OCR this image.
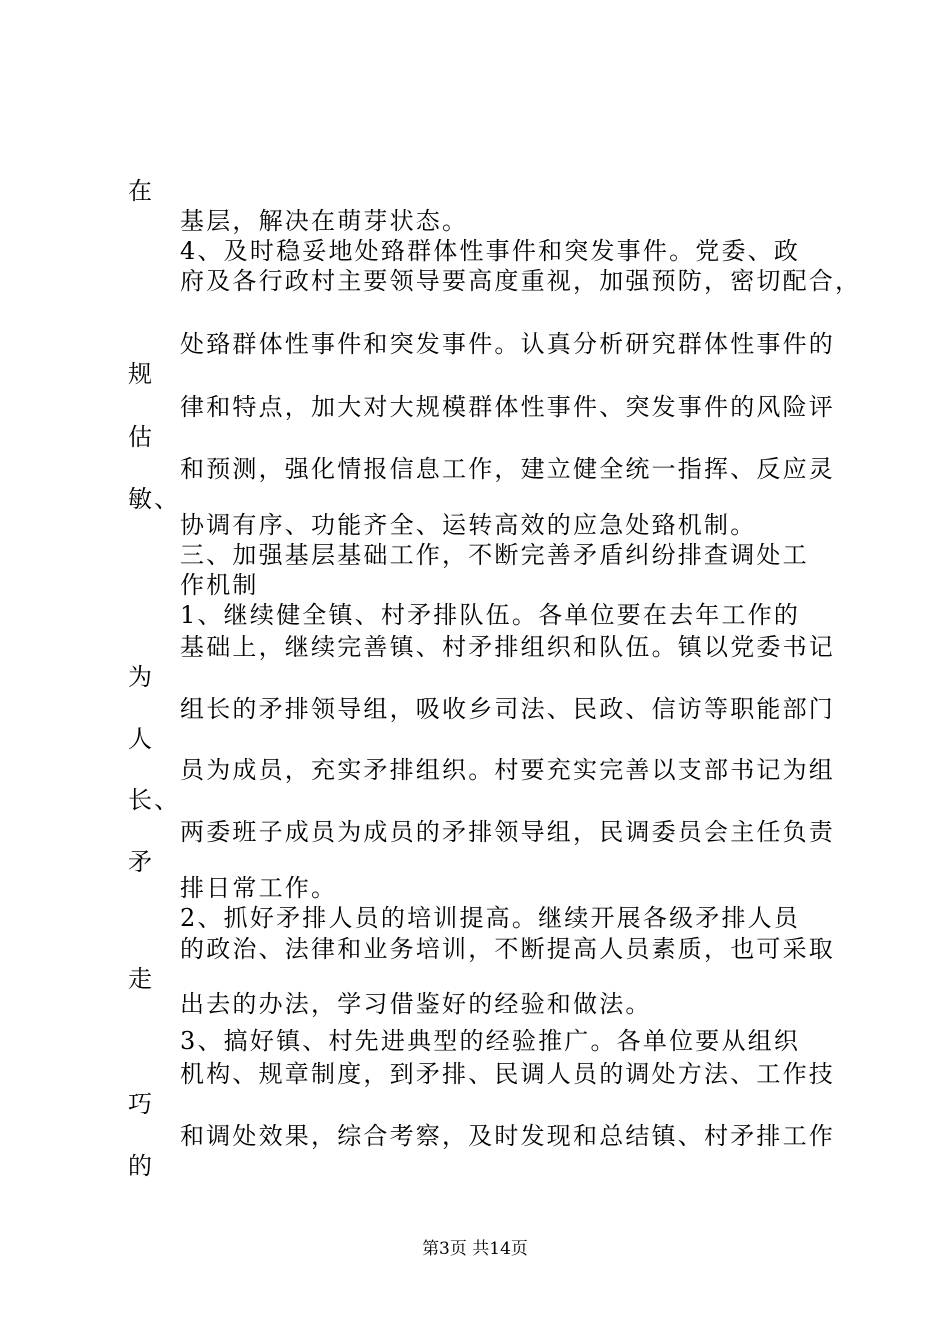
在
基层，解决在萌芽状态。
4、及时稳妥地处臵群体性事件和突发事件。党委、政
府及各行政村主要领导要高度重视，加强预防，密切配合，
处臵群体性事件和突发事件。认真分析研究群体性事件的
规
律和特点，加大对大规模群体性事件、突发事件的风险评
估
和预测，强化情报信息工作，建立健全统一指挥、反应灵
敏、
协调有序、功能齐全、运转高效的应急处臵机制。
三、加强基层基础工作，不断完善矛盾纠纷排查调处工
作机制
1、继续健全镇、村矛排队伍。各单位要在去年工作的
基础上，继续完善镇、村矛排组织和队伍。镇以党委书记
为
组长的矛排领导组，吸收乡司法、民政、信访等职能部门
人
员为成员，充实矛排组织。村要充实完善以支部书记为组
长、
两委班子成员为成员的矛排领导组，民调委员会主任负责
矛
排日常工作。
2、抓好矛排人员的培训提高。继续开展各级矛排人员
的政治、法律和业务培训，不断提高人员素质，也可采取
走
出去的办法，学习借鉴好的经验和做法。
3、搞好镇、村先进典型的经验推广。各单位要从组织
机构、规章制度，到矛排、民调人员的调处方法、工作技
巧
和调处效果，综合考察，及时发现和总结镇、村矛排工作
的
第3页 共14页
